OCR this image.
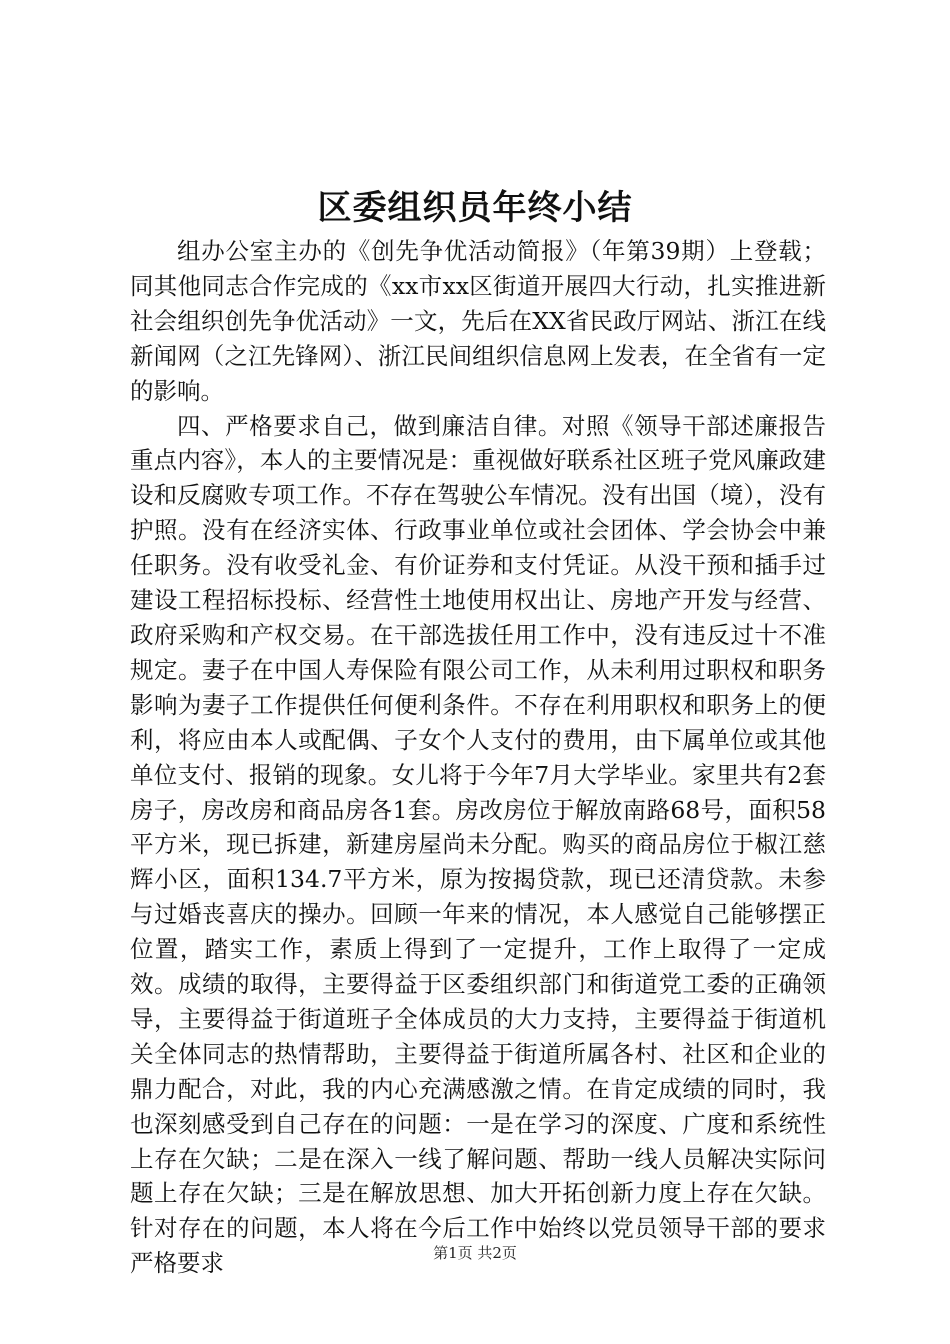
区委组织员年终小结

组办公室主办的《创先争优活动简报》（年第39期）上登载；同其他同志合作完成的《xx市xx区街道开展四大行动，扎实推进新社会组织创先争优活动》一文，先后在XX省民政厅网站、浙江在线新闻网（之江先锋网）、浙江民间组织信息网上发表，在全省有一定的影响。

四、严格要求自己，做到廉洁自律。对照《领导干部述廉报告重点内容》，本人的主要情况是：重视做好联系社区班子党风廉政建设和反腐败专项工作。不存在驾驶公车情况。没有出国（境），没有护照。没有在经济实体、行政事业单位或社会团体、学会协会中兼任职务。没有收受礼金、有价证券和支付凭证。从没干预和插手过建设工程招标投标、经营性土地使用权出让、房地产开发与经营、政府采购和产权交易。在干部选拔任用工作中，没有违反过十不准规定。妻子在中国人寿保险有限公司工作，从未利用过职权和职务影响为妻子工作提供任何便利条件。不存在利用职权和职务上的便利，将应由本人或配偶、子女个人支付的费用，由下属单位或其他单位支付、报销的现象。女儿将于今年7月大学毕业。家里共有2套房子，房改房和商品房各1套。房改房位于解放南路68号，面积58平方米，现已拆建，新建房屋尚未分配。购买的商品房位于椒江慈辉小区，面积134.7平方米，原为按揭贷款，现已还清贷款。未参与过婚丧喜庆的操办。回顾一年来的情况，本人感觉自己能够摆正位置，踏实工作，素质上得到了一定提升，工作上取得了一定成效。成绩的取得，主要得益于区委组织部门和街道党工委的正确领导，主要得益于街道班子全体成员的大力支持，主要得益于街道机关全体同志的热情帮助，主要得益于街道所属各村、社区和企业的鼎力配合，对此，我的内心充满感激之情。在肯定成绩的同时，我也深刻感受到自己存在的问题：一是在学习的深度、广度和系统性上存在欠缺；二是在深入一线了解问题、帮助一线人员解决实际问题上存在欠缺；三是在解放思想、加大开拓创新力度上存在欠缺。针对存在的问题，本人将在今后工作中始终以党员领导干部的要求严格要求	第1页 共2页
